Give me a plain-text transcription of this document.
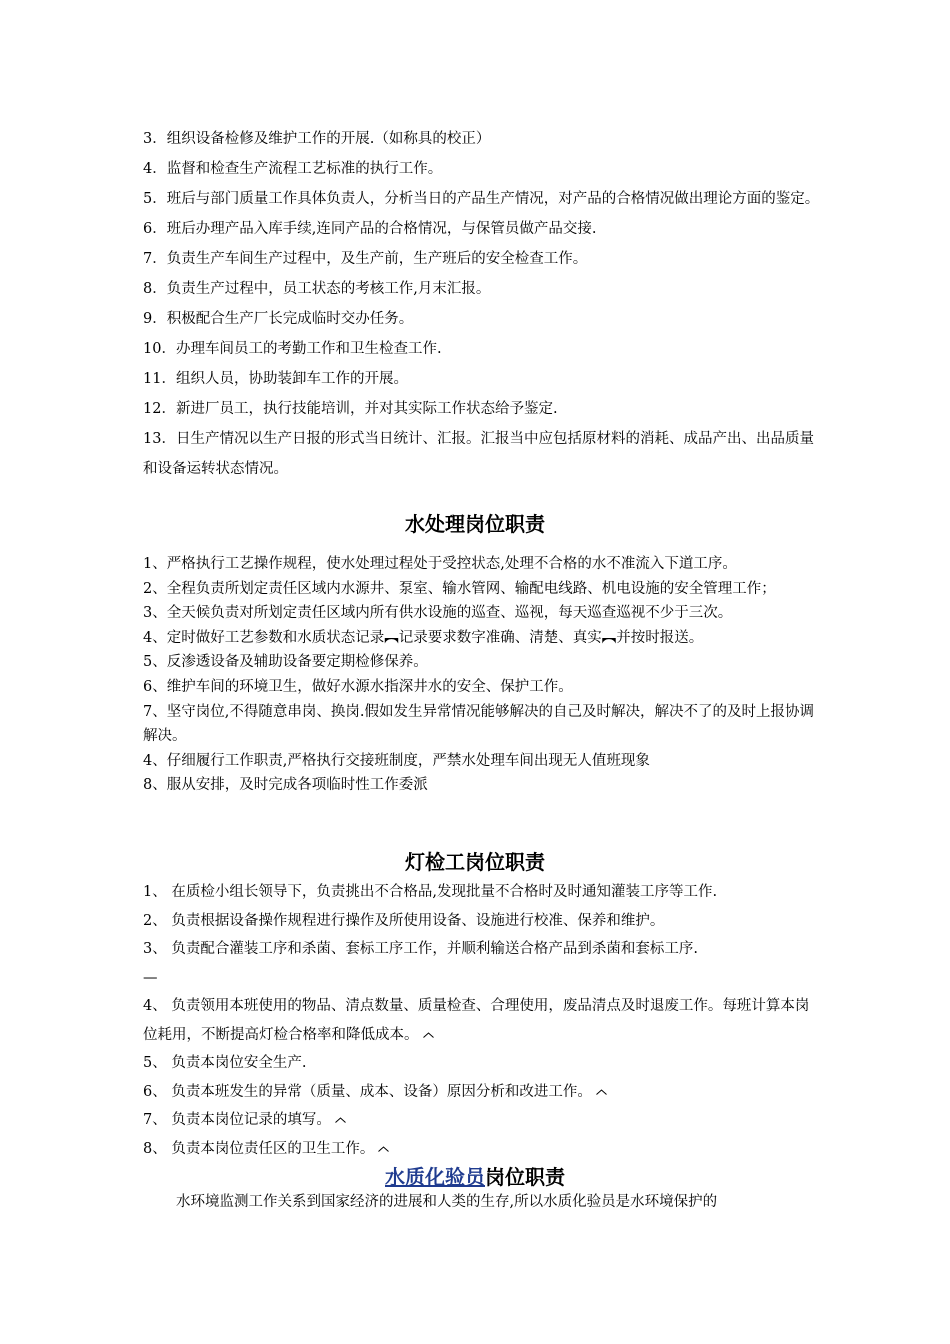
3．组织设备检修及维护工作的开展.（如称具的校正）

4．监督和检查生产流程工艺标准的执行工作。

5．班后与部门质量工作具体负责人，分析当日的产品生产情况，对产品的合格情况做出理论方面的鉴定。

6．班后办理产品入库手续,连同产品的合格情况，与保管员做产品交接.

7．负责生产车间生产过程中，及生产前，生产班后的安全检查工作。

8．负责生产过程中，员工状态的考核工作,月末汇报。

9．积极配合生产厂长完成临时交办任务。

10．办理车间员工的考勤工作和卫生检查工作.

11．组织人员，协助装卸车工作的开展。

12．新进厂员工，执行技能培训，并对其实际工作状态给予鉴定.

13．日生产情况以生产日报的形式当日统计、汇报。汇报当中应包括原材料的消耗、成品产出、出品质量和设备运转状态情况。

水处理岗位职责

1、严格执行工艺操作规程，使水处理过程处于受控状态,处理不合格的水不准流入下道工序。

2、全程负责所划定责任区域内水源井、泵室、输水管网、输配电线路、机电设施的安全管理工作；

3、全天候负责对所划定责任区域内所有供水设施的巡查、巡视，每天巡查巡视不少于三次。

4、定时做好工艺参数和水质状态记录︻记录要求数字准确、清楚、真实︻并按时报送。

5、反渗透设备及辅助设备要定期检修保养。

6、维护车间的环境卫生，做好水源水指深井水的安全、保护工作。

7、坚守岗位,不得随意串岗、换岗.假如发生异常情况能够解决的自己及时解决，解决不了的及时上报协调解决。

4、仔细履行工作职责,严格执行交接班制度，严禁水处理车间出现无人值班现象

8、服从安排，及时完成各项临时性工作委派

灯检工岗位职责

1、 在质检小组长领导下，负责挑出不合格品,发现批量不合格时及时通知灌装工序等工作.

2、 负责根据设备操作规程进行操作及所使用设备、设施进行校准、保养和维护。

3、 负责配合灌装工序和杀菌、套标工序工作，并顺利输送合格产品到杀菌和套标工序.

—

4、 负责领用本班使用的物品、清点数量、质量检查、合理使用，废品清点及时退废工作。每班计算本岗位耗用，不断提高灯检合格率和降低成本。

5、 负责本岗位安全生产.

6、 负责本班发生的异常（质量、成本、设备）原因分析和改进工作。

7、 负责本岗位记录的填写。

8、 负责本岗位责任区的卫生工作。

水质化验员岗位职责

水环境监测工作关系到国家经济的进展和人类的生存,所以水质化验员是水环境保护的
